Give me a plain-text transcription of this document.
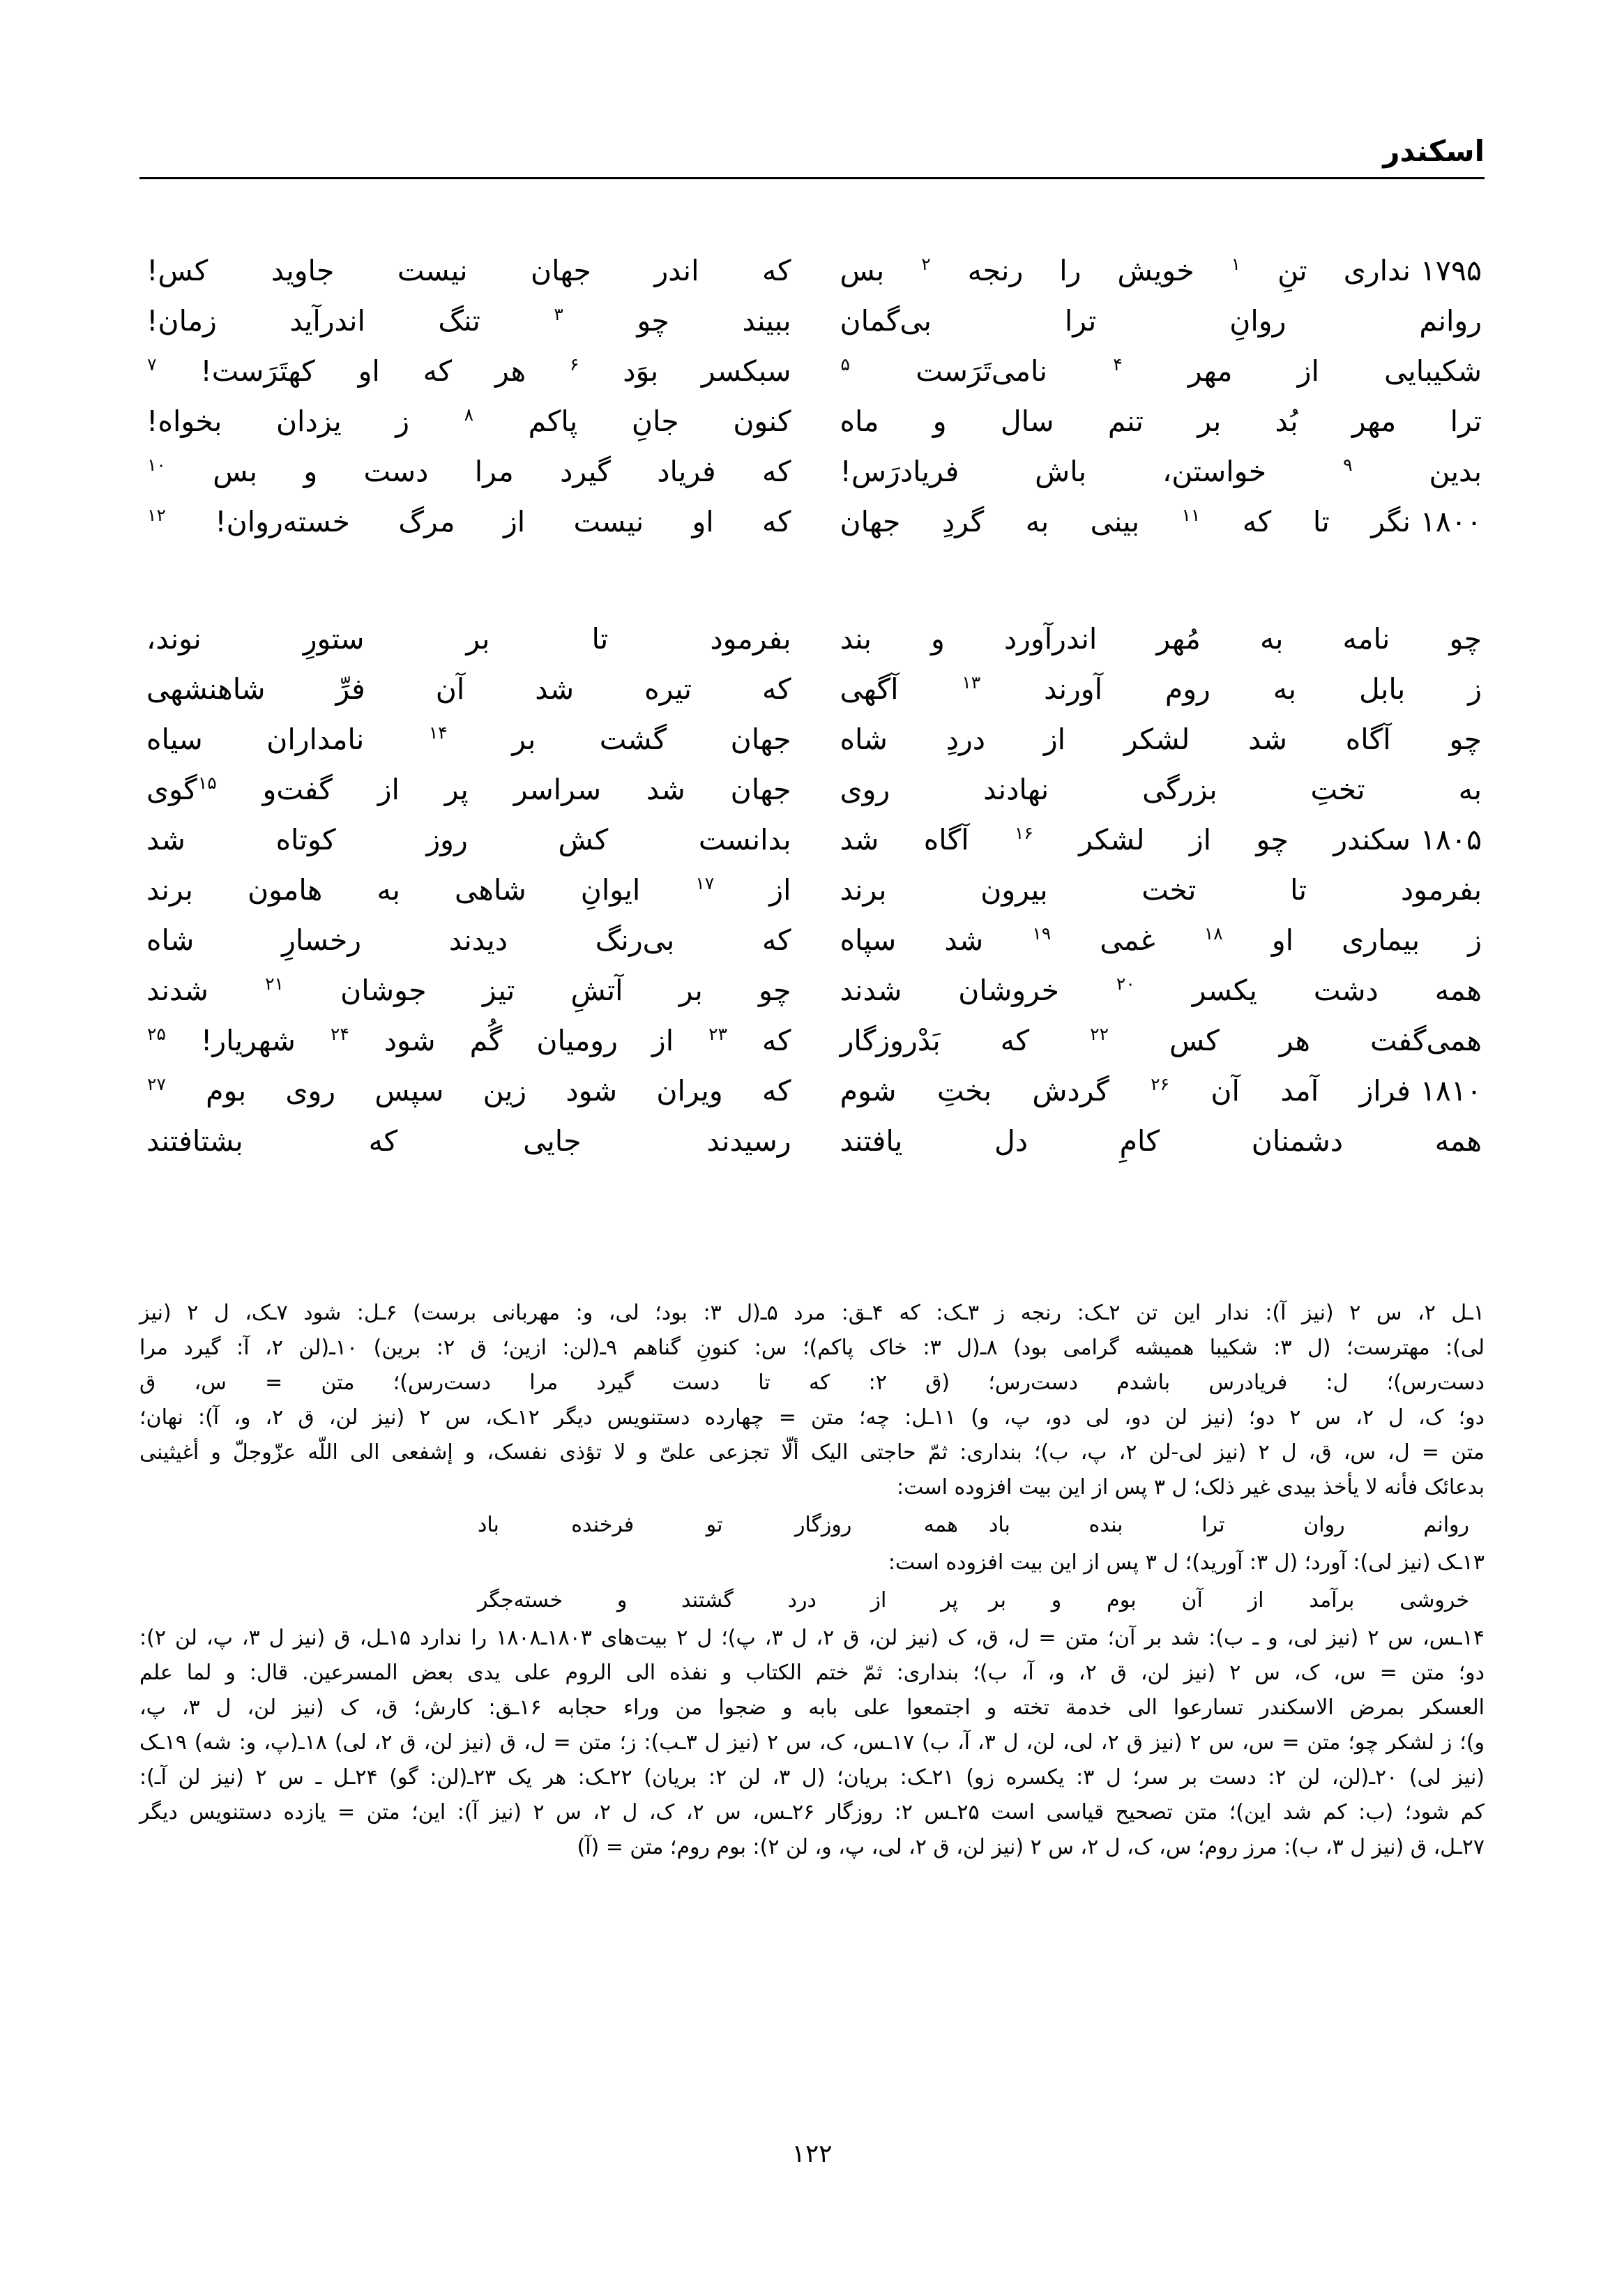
اسکندر
۱۷۹۵
نداری
تنِ
$^۱$
خویش
را
رنجه
$^۲$
بس
که
اندر
جهان
نیست
جاوید
کس!
روانم
روانِ
ترا
بی‌گمان
ببیند
چو
$^۳$
تنگ
اندرآید
زمان!
شکیبایی
از
مهر
$^۴$
نامی‌تَرَست
$^۵$
سبکسر
بوَد
$^۶$
هر
که
او
کهتَرَست!
$^۷$
ترا
مهر
بُد
بر
تنم
سال
و
ماه
کنون
جانِ
پاکم
$^۸$
ز
یزدان
بخواه!
بدین
$^۹$
خواستن،
باش
فریادرَس!
که
فریاد
گیرد
مرا
دست
و
بس
$^{۱۰}$
۱۸۰۰
نگر
تا
که
$^{۱۱}$
بینی
به
گردِ
جهان
که
او
نیست
از
مرگ
خسته‌روان!
$^{۱۲}$
چو
نامه
به
مُهر
اندرآورد
و
بند
بفرمود
تا
بر
ستورِ
نوند،
ز
بابل
به
روم
آورند
$^{۱۳}$
آگهی
که
تیره
شد
آن
فرِّ
شاهنشهی
چو
آگاه
شد
لشکر
از
دردِ
شاه
جهان
گشت
بر
$^{۱۴}$
نامداران
سیاه
به
تختِ
بزرگی
نهادند
روی
جهان
شد
سراسر
پر
از
گفت‌و
$^{۱۵}$گوی
۱۸۰۵
سکندر
چو
از
لشکر
$^{۱۶}$
آگاه
شد
بدانست
کش
روز
کوتاه
شد
بفرمود
تا
تخت
بیرون
برند
از
$^{۱۷}$
ایوانِ
شاهی
به
هامون
برند
ز
بیماری
او
$^{۱۸}$
غمی
$^{۱۹}$
شد
سپاه
که
بی‌رنگ
دیدند
رخسارِ
شاه
همه
دشت
یکسر
$^{۲۰}$
خروشان
شدند
چو
بر
آتشِ
تیز
جوشان
$^{۲۱}$
شدند
همی‌گفت
هر
کس
$^{۲۲}$
که
بَدْروزگار
که
$^{۲۳}$
از
رومیان
گُم
شود
$^{۲۴}$
شهریار!
$^{۲۵}$
۱۸۱۰
فراز
آمد
آن
$^{۲۶}$
گردش
بختِ
شوم
که
ویران
شود
زین
سپس
روی
بوم
$^{۲۷}$
همه
دشمنان
کامِ
دل
یافتند
رسیدند
جایی
که
بشتافتند

۱ـل ۲، س ۲ (نیز آ): ندار این تن ۲ـک: رنجه ز ۳ـک: که ۴ـق: مرد ۵ـ(ل ۳: بود؛ لی، و: مهربانی برست) ۶ـل: شود ۷ـک، ل ۲ (نیز

لی): مهترست؛ (ل ۳: شکیبا همیشه گرامی بود) ۸ـ(ل ۳: خاک پاکم)؛ س: کنونِ گناهم ۹ـ(لن: ازین؛ ق ۲: برین) ۱۰ـ(لن ۲، آ: گیرد مرا

دست‌رس)؛ ل: فریادرس باشدم دست‌رس؛ (ق ۲: که تا دست گیرد مرا دست‌رس)؛ متن = س، ق

دو؛ ک، ل ۲، س ۲ دو؛ (نیز لن دو، لی دو، پ، و) ۱۱ـل: چه؛ متن = چهارده دستنویس دیگر ۱۲ـک، س ۲ (نیز لن، ق ۲، و، آ): نهان؛

متن = ل، س، ق، ل ۲ (نیز لی-لن ۲، پ، ب)؛ بنداری: ثمّ حاجتی الیک ألّا تجزعی علیّ و لا تؤذی نفسک، و إشفعی الی اللّه عزّوجلّ و أغیثینی

بدعائک فأنه لا یأخذ بیدی غیر ذلک؛ ل ۳ پس از این بیت افزوده است:

روانم
روان
ترا
بنده
باد
همه
روزگار
تو
فرخنده
باد

۱۳ـک (نیز لی): آورد؛ (ل ۳: آورید)؛ ل ۳ پس از این بیت افزوده است:

خروشی
برآمد
از
آن
بوم
و
بر
پر
از
درد
گشتند
و
خسته‌جگر

۱۴ـس، س ۲ (نیز لی، و ـ ب): شد بر آن؛ متن = ل، ق، ک (نیز لن، ق ۲، ل ۳، پ)؛ ل ۲ بیت‌های ۱۸۰۳ـ۱۸۰۸ را ندارد ۱۵ـل، ق (نیز ل ۳، پ، لن ۲):

دو؛ متن = س، ک، س ۲ (نیز لن، ق ۲، و، آ، ب)؛ بنداری: ثمّ ختم الکتاب و نفذه الی الروم علی یدی بعض المسرعین. قال: و لما علم

العسکر بمرض الاسکندر تسارعوا الی خدمة تخته و اجتمعوا علی بابه و ضجوا من وراء حجابه ۱۶ـق: کارش؛ ق، ک (نیز لن، ل ۳، پ،

و)؛ ز لشکر چو؛ متن = س، س ۲ (نیز ق ۲، لی، لن، ل ۳، آ، ب) ۱۷ـس، ک، س ۲ (نیز ل ۳ـب): ز؛ متن = ل، ق (نیز لن، ق ۲، لی) ۱۸ـ(پ، و: شه) ۱۹ـک

(نیز لی) ۲۰ـ(لن، لن ۲: دست بر سر؛ ل ۳: یکسره زو) ۲۱ـک: بریان؛ (ل ۳، لن ۲: بریان) ۲۲ـک: هر یک ۲۳ـ(لن: گو) ۲۴ـل ـ س ۲ (نیز لن آـ):

کم شود؛ (ب: کم شد این)؛ متن تصحیح قیاسی است ۲۵ـس ۲: روزگار ۲۶ـس، س ۲، ک، ل ۲، س ۲ (نیز آ): این؛ متن = یازده دستنویس دیگر

۲۷ـل، ق (نیز ل ۳، ب): مرز روم؛ س، ک، ل ۲، س ۲ (نیز لن، ق ۲، لی، پ، و، لن ۲): بوم روم؛ متن = (آ)

۱۲۲
